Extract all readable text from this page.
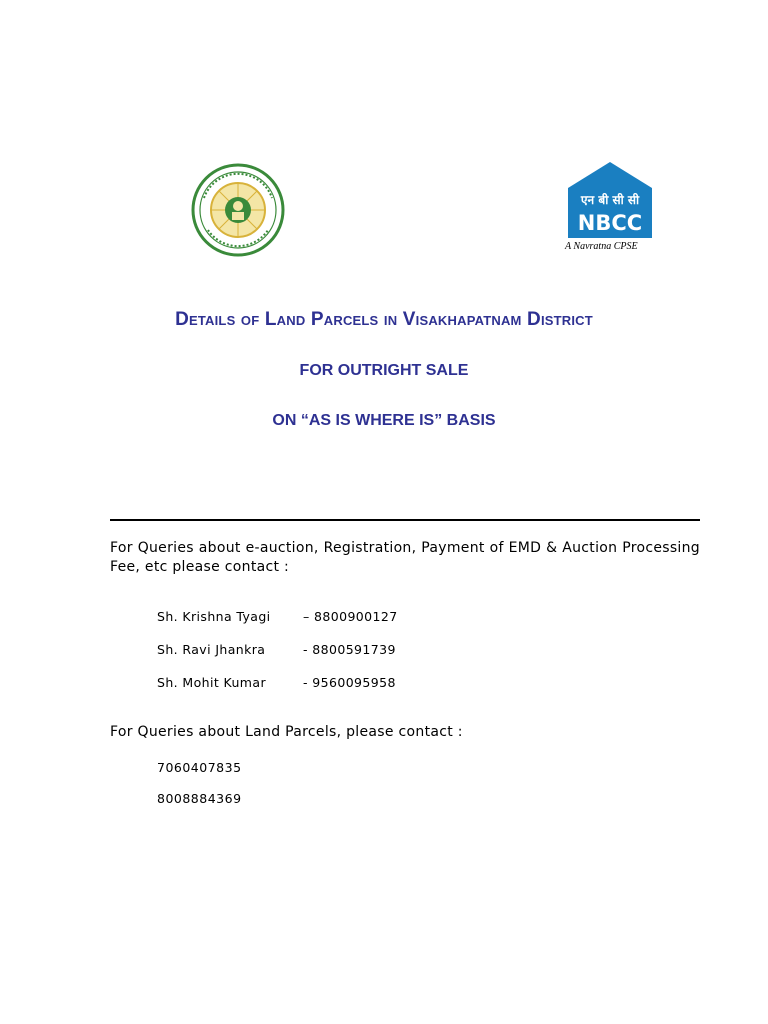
एन बी सी सी
NBCC
A Navratna CPSE
Details of Land Parcels in Visakhapatnam District
FOR OUTRIGHT SALE
ON “AS IS WHERE IS” BASIS

For Queries about e-auction, Registration, Payment of EMD & Auction Processing Fee, etc please contact :

Sh. Krishna Tyagi	– 8800900127

Sh. Ravi Jhankra	- 8800591739

Sh. Mohit Kumar	- 9560095958

For Queries about Land Parcels, please contact :

7060407835

8008884369
